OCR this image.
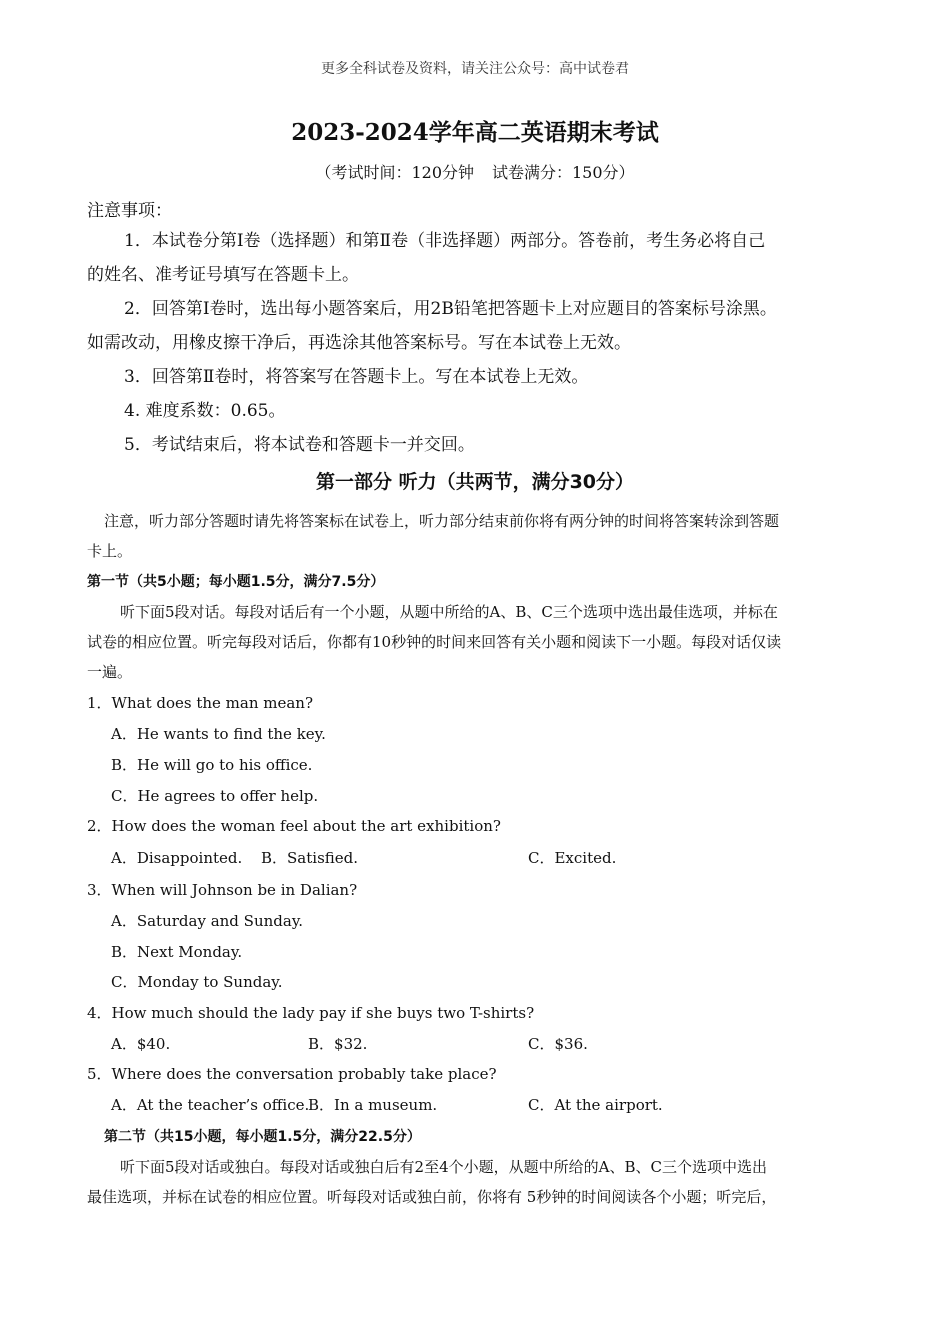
更多全科试卷及资料，请关注公众号：高中试卷君
2023-2024学年高二英语期末考试
（考试时间：120分钟 试卷满分：150分）
注意事项：
1．本试卷分第Ⅰ卷（选择题）和第Ⅱ卷（非选择题）两部分。答卷前，考生务必将自己
的姓名、准考证号填写在答题卡上。
2．回答第Ⅰ卷时，选出每小题答案后，用2B铅笔把答题卡上对应题目的答案标号涂黑。
如需改动，用橡皮擦干净后，再选涂其他答案标号。写在本试卷上无效。
3．回答第Ⅱ卷时，将答案写在答题卡上。写在本试卷上无效。
4. 难度系数：0.65。
5．考试结束后，将本试卷和答题卡一并交回。
第一部分 听力（共两节，满分30分）
注意，听力部分答题时请先将答案标在试卷上，听力部分结束前你将有两分钟的时间将答案转涂到答题
卡上。
第一节（共5小题；每小题1.5分，满分7.5分）
听下面5段对话。每段对话后有一个小题，从题中所给的A、B、C三个选项中选出最佳选项，并标在
试卷的相应位置。听完每段对话后，你都有10秒钟的时间来回答有关小题和阅读下一小题。每段对话仅读
一遍。
1．What does the man mean?
A．He wants to find the key.
B．He will go to his office.
C．He agrees to offer help.
2．How does the woman feel about the art exhibition?
A．Disappointed. B．Satisfied.	C．Excited.
3．When will Johnson be in Dalian?
A．Saturday and Sunday.
B．Next Monday.
C．Monday to Sunday.
4．How much should the lady pay if she buys two T-shirts?
A．$40.	B．$32.	C．$36.
5．Where does the conversation probably take place?
A．At the teacher’s office.
B．In a museum.	C．At the airport.
第二节（共15小题，每小题1.5分，满分22.5分）
听下面5段对话或独白。每段对话或独白后有2至4个小题，从题中所给的A、B、C三个选项中选出
最佳选项，并标在试卷的相应位置。听每段对话或独白前，你将有 5秒钟的时间阅读各个小题；听完后，
